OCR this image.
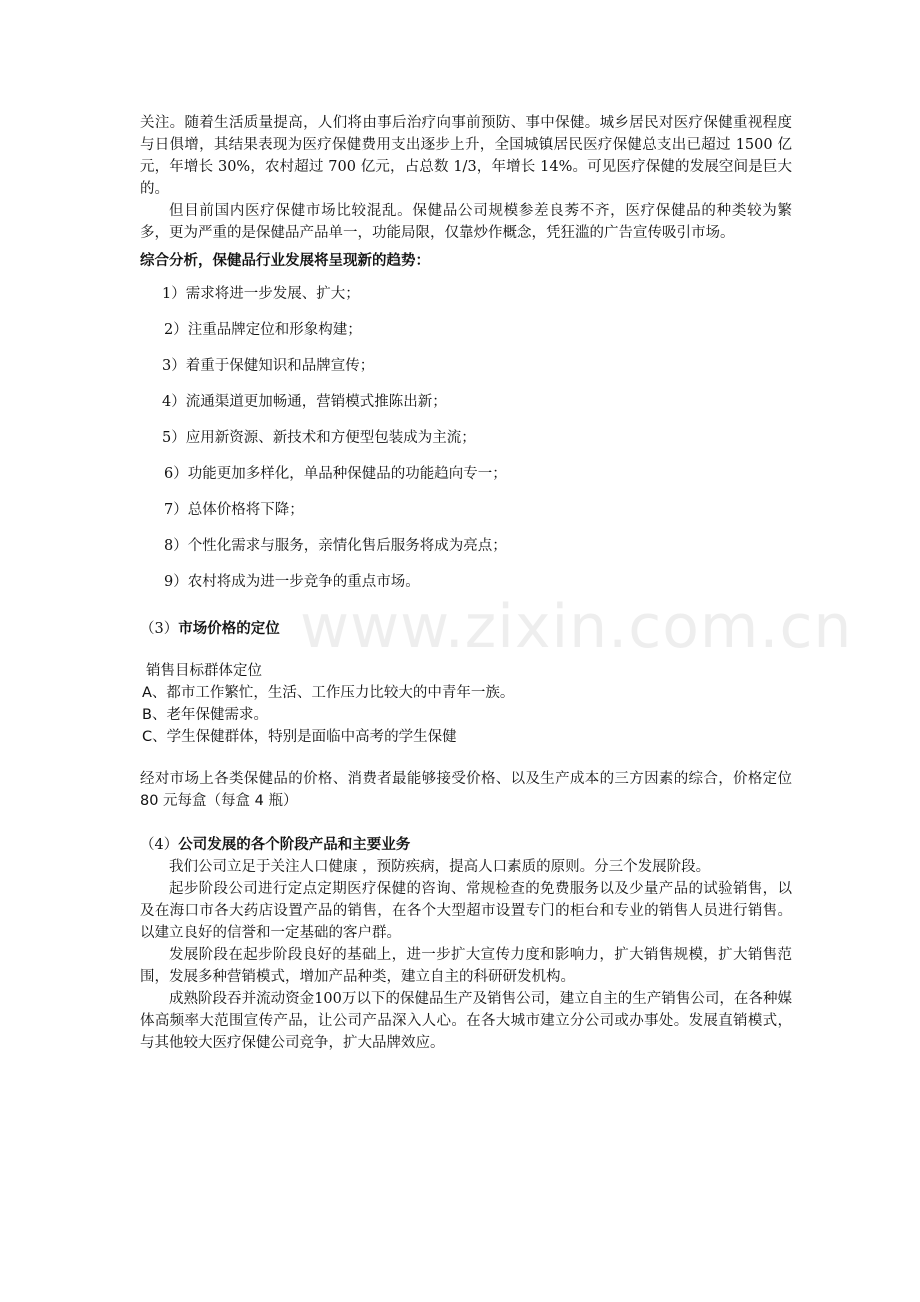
关注。随着生活质量提高，人们将由事后治疗向事前预防、事中保健。城乡居民对医疗保健重视程度与日俱增，其结果表现为医疗保健费用支出逐步上升，全国城镇居民医疗保健总支出已超过 1500 亿元，年增长 30%，农村超过 700 亿元，占总数 1/3，年增长 14%。可见医疗保健的发展空间是巨大的。

但目前国内医疗保健市场比较混乱。保健品公司规模参差良莠不齐，医疗保健品的种类较为繁多，更为严重的是保健品产品单一，功能局限，仅靠炒作概念，凭狂滥的广告宣传吸引市场。

综合分析，保健品行业发展将呈现新的趋势：

1）需求将进一步发展、扩大；
2）注重品牌定位和形象构建；
3）着重于保健知识和品牌宣传；
4）流通渠道更加畅通，营销模式推陈出新；
5）应用新资源、新技术和方便型包装成为主流；
6）功能更加多样化，单品种保健品的功能趋向专一；
7）总体价格将下降；
8）个性化需求与服务，亲情化售后服务将成为亮点；
9）农村将成为进一步竞争的重点市场。

（3）市场价格的定位

销售目标群体定位

A、都市工作繁忙，生活、工作压力比较大的中青年一族。

B、老年保健需求。

C、学生保健群体，特别是面临中高考的学生保健

经对市场上各类保健品的价格、消费者最能够接受价格、以及生产成本的三方因素的综合，价格定位 80 元每盒（每盒 4 瓶）

（4）公司发展的各个阶段产品和主要业务

我们公司立足于关注人口健康 ，预防疾病，提高人口素质的原则。分三个发展阶段。

起步阶段公司进行定点定期医疗保健的咨询、常规检查的免费服务以及少量产品的试验销售，以及在海口市各大药店设置产品的销售，在各个大型超市设置专门的柜台和专业的销售人员进行销售。以建立良好的信誉和一定基础的客户群。

发展阶段在起步阶段良好的基础上，进一步扩大宣传力度和影响力，扩大销售规模，扩大销售范围，发展多种营销模式，增加产品种类，建立自主的科研研发机构。

成熟阶段吞并流动资金100万以下的保健品生产及销售公司，建立自主的生产销售公司，在各种媒体高频率大范围宣传产品，让公司产品深入人心。在各大城市建立分公司或办事处。发展直销模式，与其他较大医疗保健公司竞争，扩大品牌效应。

www.zixin.com.cn
